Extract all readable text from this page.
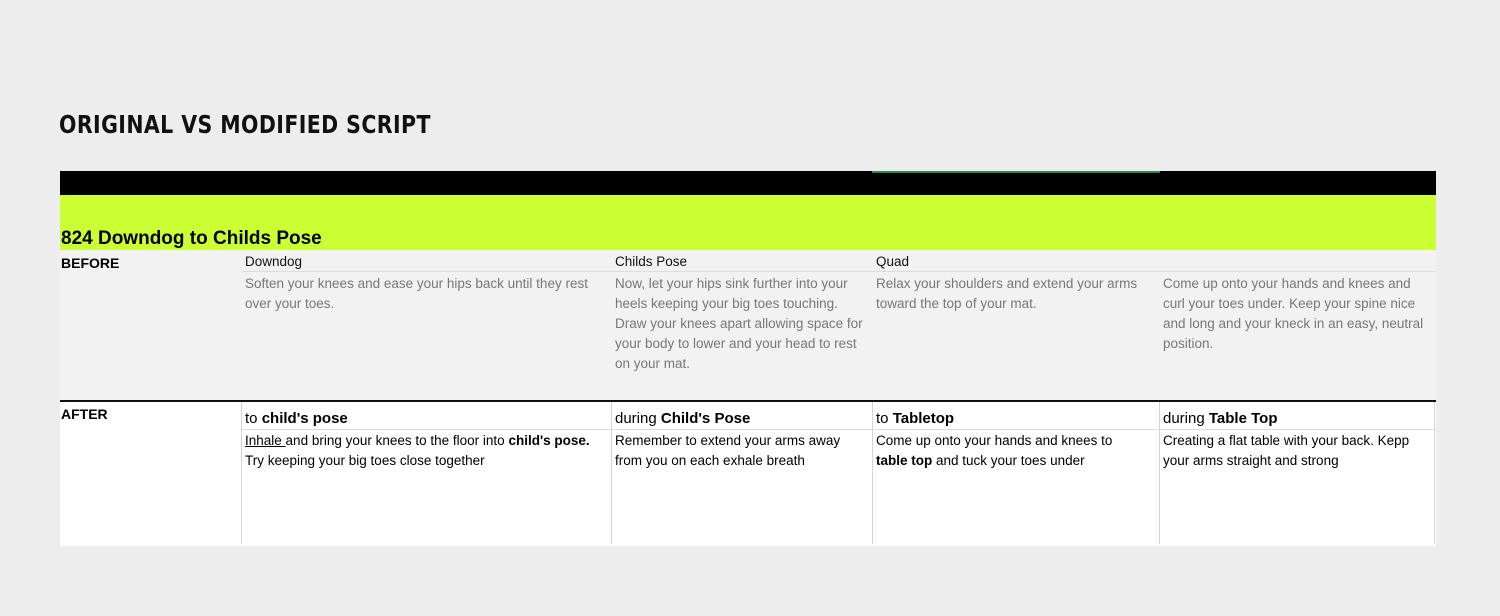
ORIGINAL VS MODIFIED SCRIPT
824 Downdog to Childs Pose
BEFORE	Downdog
Soften your knees and ease your hips back until they rest over your toes.
Childs Pose
Now, let your hips sink further into your heels keeping your big toes touching. Draw your knees apart allowing space for your body to lower and your head to rest on your mat.
Quad
Relax your shoulders and extend your arms toward the top of your mat.
Come up onto your hands and knees and curl your toes under. Keep your spine nice and long and your kneck in an easy, neutral position.
AFTER	to child's pose
Inhale and bring your knees to the floor into child's pose. Try keeping your big toes close together
during Child's Pose
Remember to extend your arms away from you on each exhale breath
to Tabletop
Come up onto your hands and knees to table top and tuck your toes under
during Table Top
Creating a flat table with your back. Kepp your arms straight and strong
